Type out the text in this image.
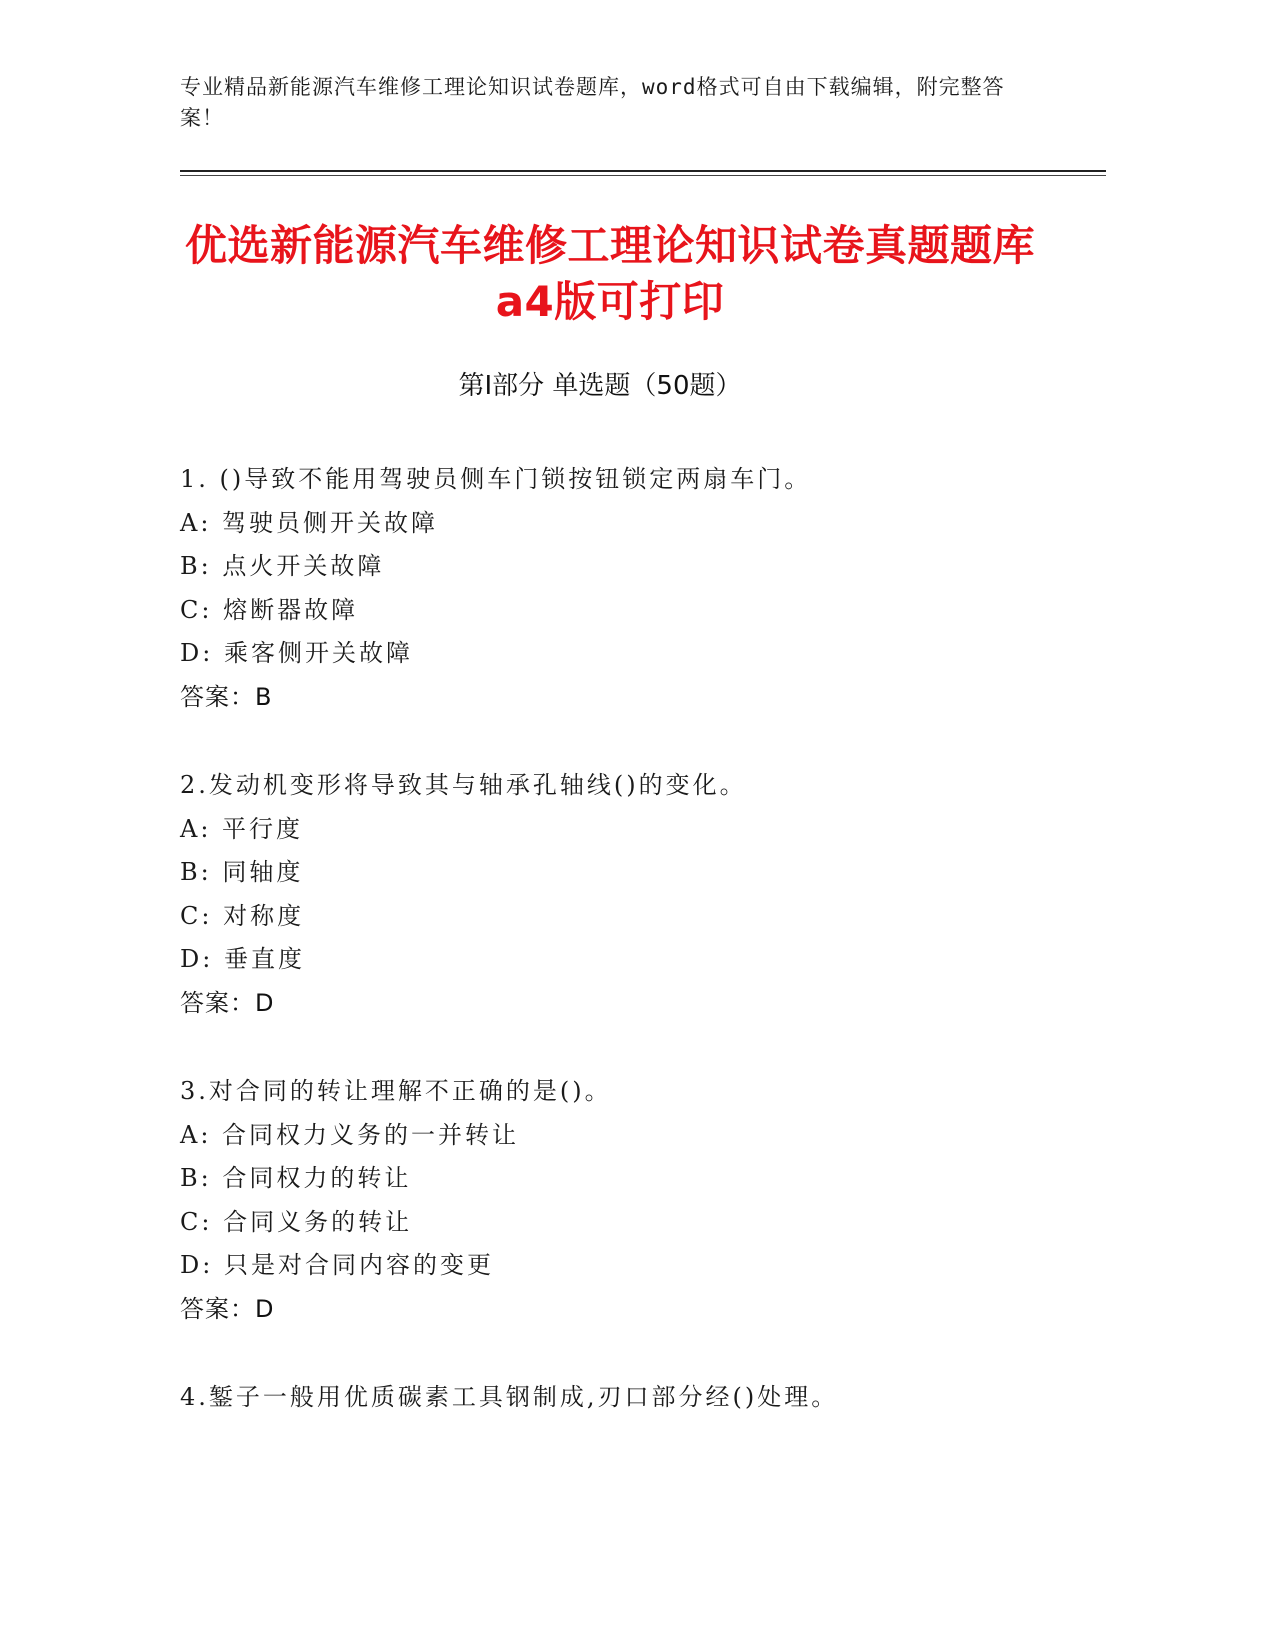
专业精品新能源汽车维修工理论知识试卷题库，word格式可自由下载编辑，附完整答案！
优选新能源汽车维修工理论知识试卷真题题库a4版可打印
第Ⅰ部分 单选题（50题）
1. ()导致不能用驾驶员侧车门锁按钮锁定两扇车门。
A: 驾驶员侧开关故障
B: 点火开关故障
C: 熔断器故障
D: 乘客侧开关故障
答案：B
2.发动机变形将导致其与轴承孔轴线()的变化。
A: 平行度
B: 同轴度
C: 对称度
D: 垂直度
答案：D
3.对合同的转让理解不正确的是()。
A: 合同权力义务的一并转让
B: 合同权力的转让
C: 合同义务的转让
D: 只是对合同内容的变更
答案：D
4.錾子一般用优质碳素工具钢制成,刃口部分经()处理。
